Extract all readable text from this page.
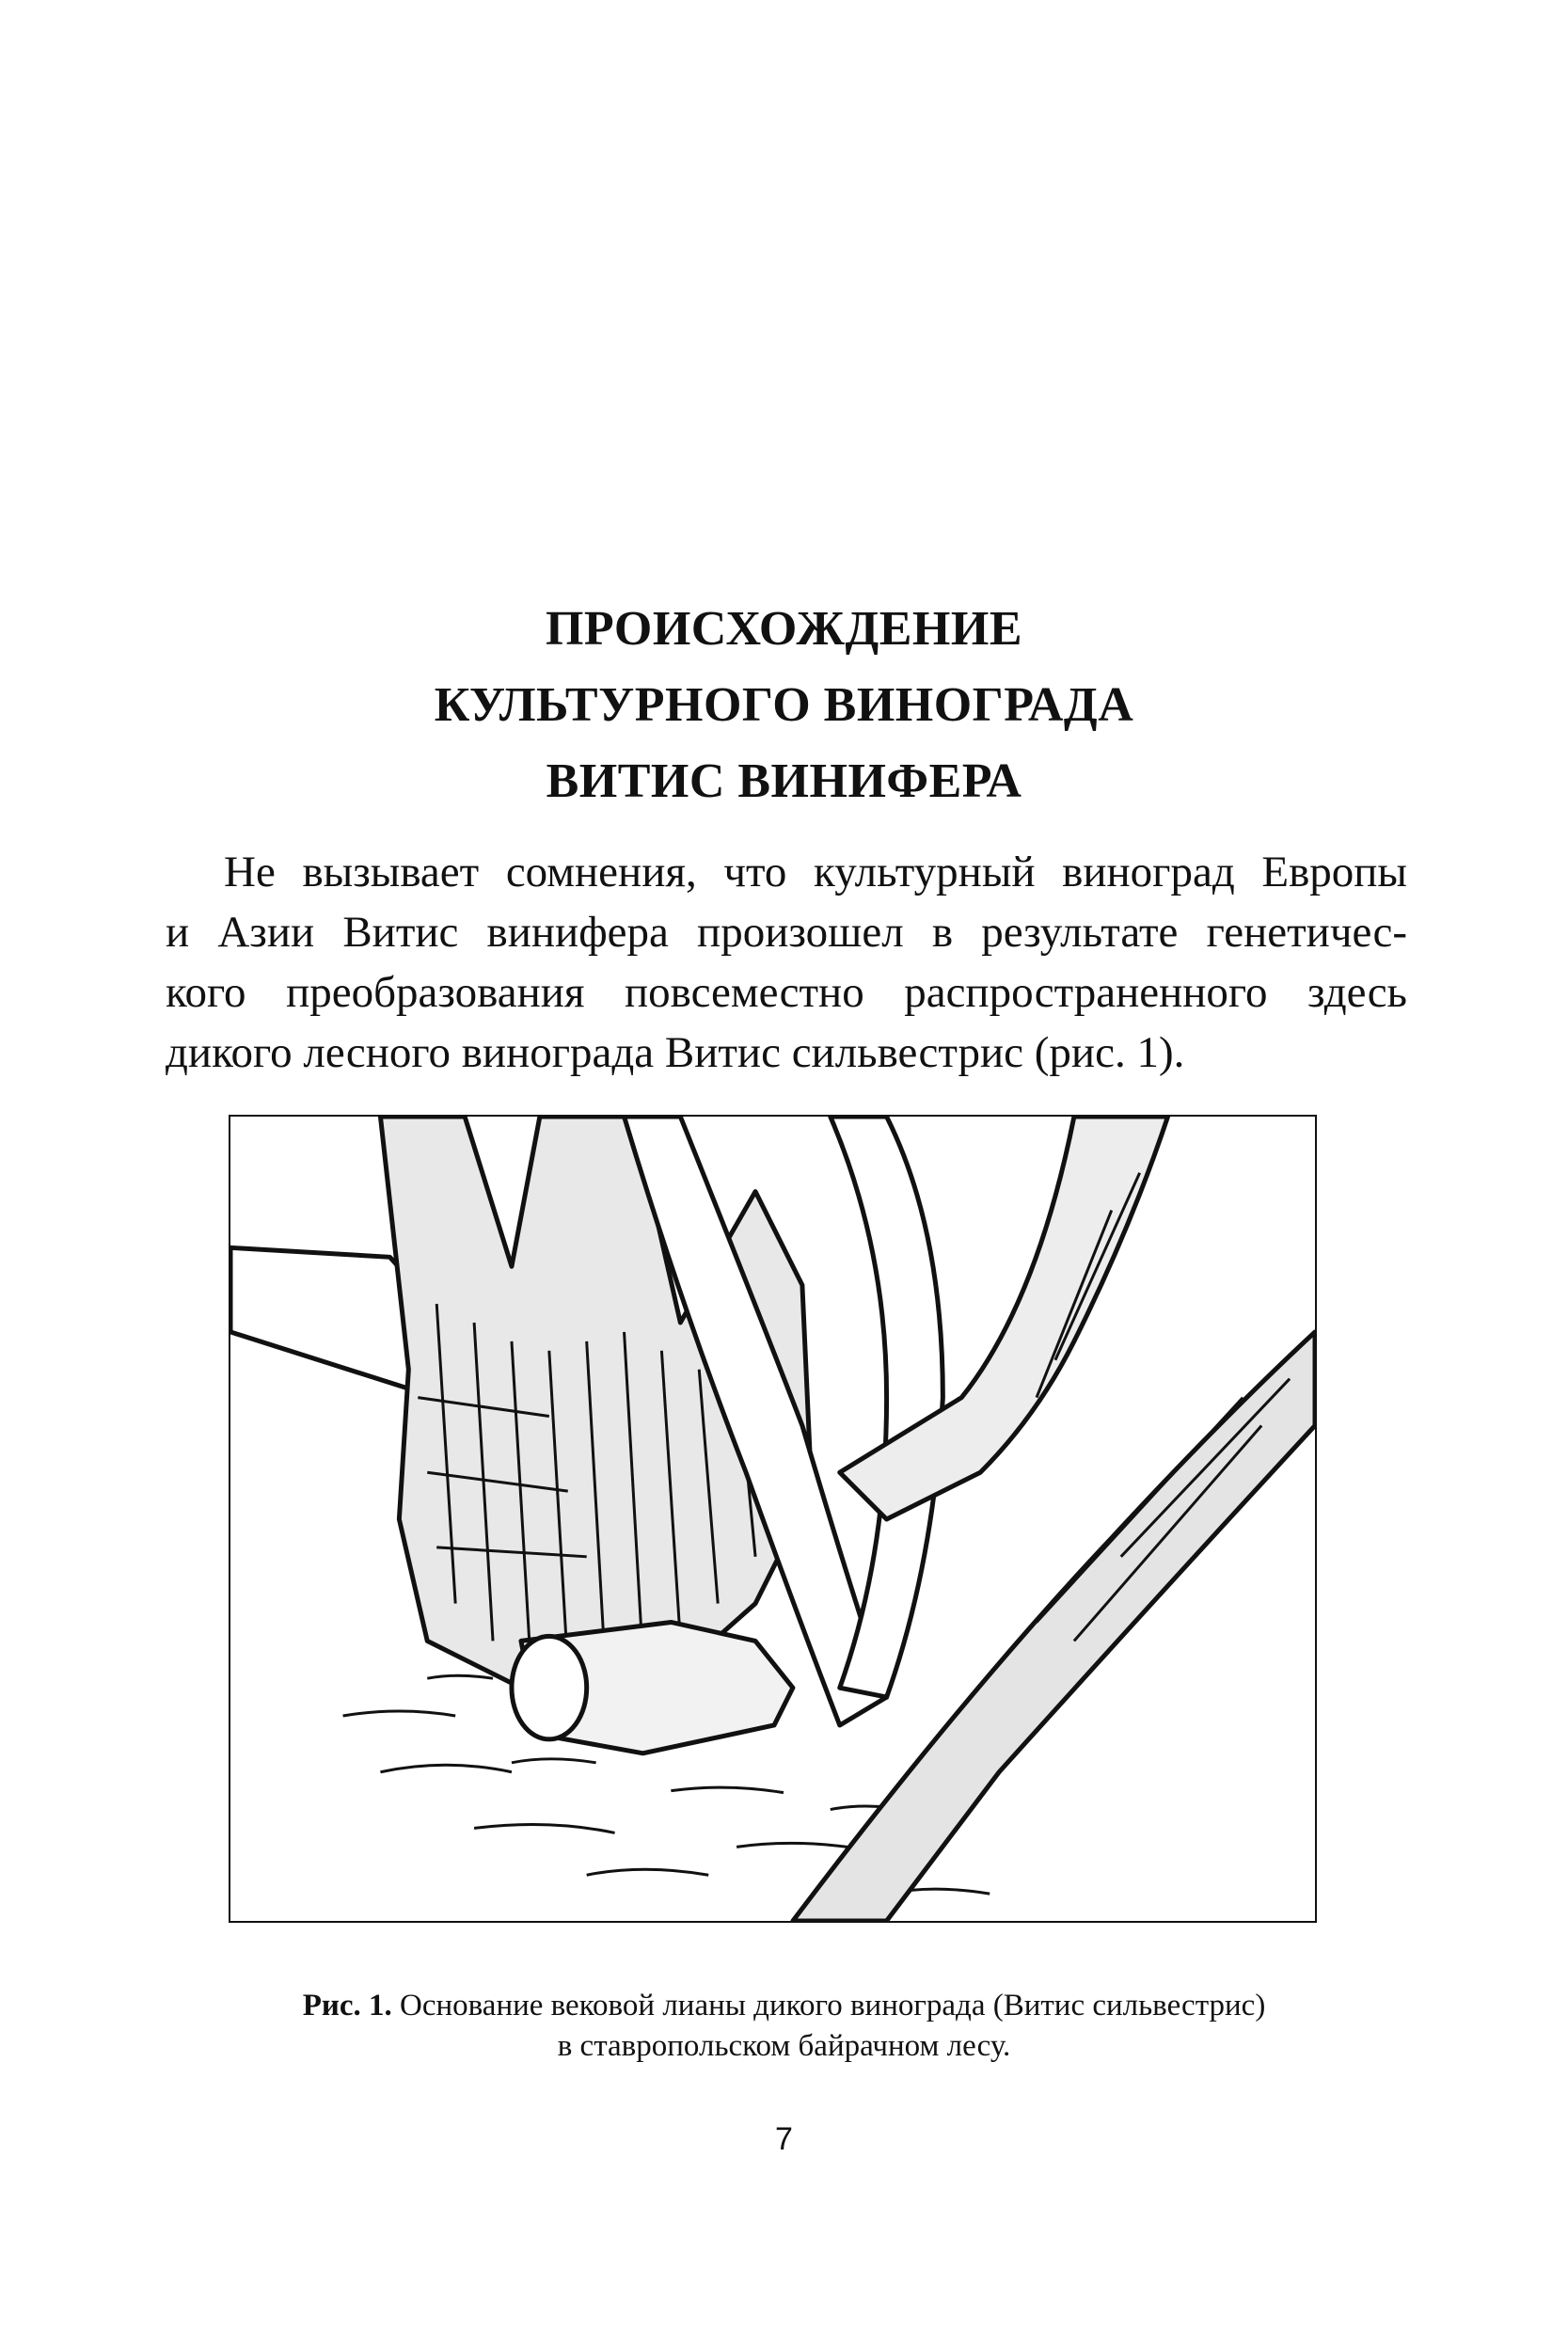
ПРОИСХОЖДЕНИЕ
КУЛЬТУРНОГО ВИНОГРАДА
ВИТИС ВИНИФЕРА
Не вызывает сомнения, что культурный виноград Европы
и Азии Витис винифера произошел в результате генетичес-
кого преобразования повсеместно распространенного здесь
дикого лесного винограда Витис сильвестрис (рис. 1).
Рис. 1. Основание вековой лианы дикого винограда (Витис сильвестрис)
в ставропольском байрачном лесу.
7
